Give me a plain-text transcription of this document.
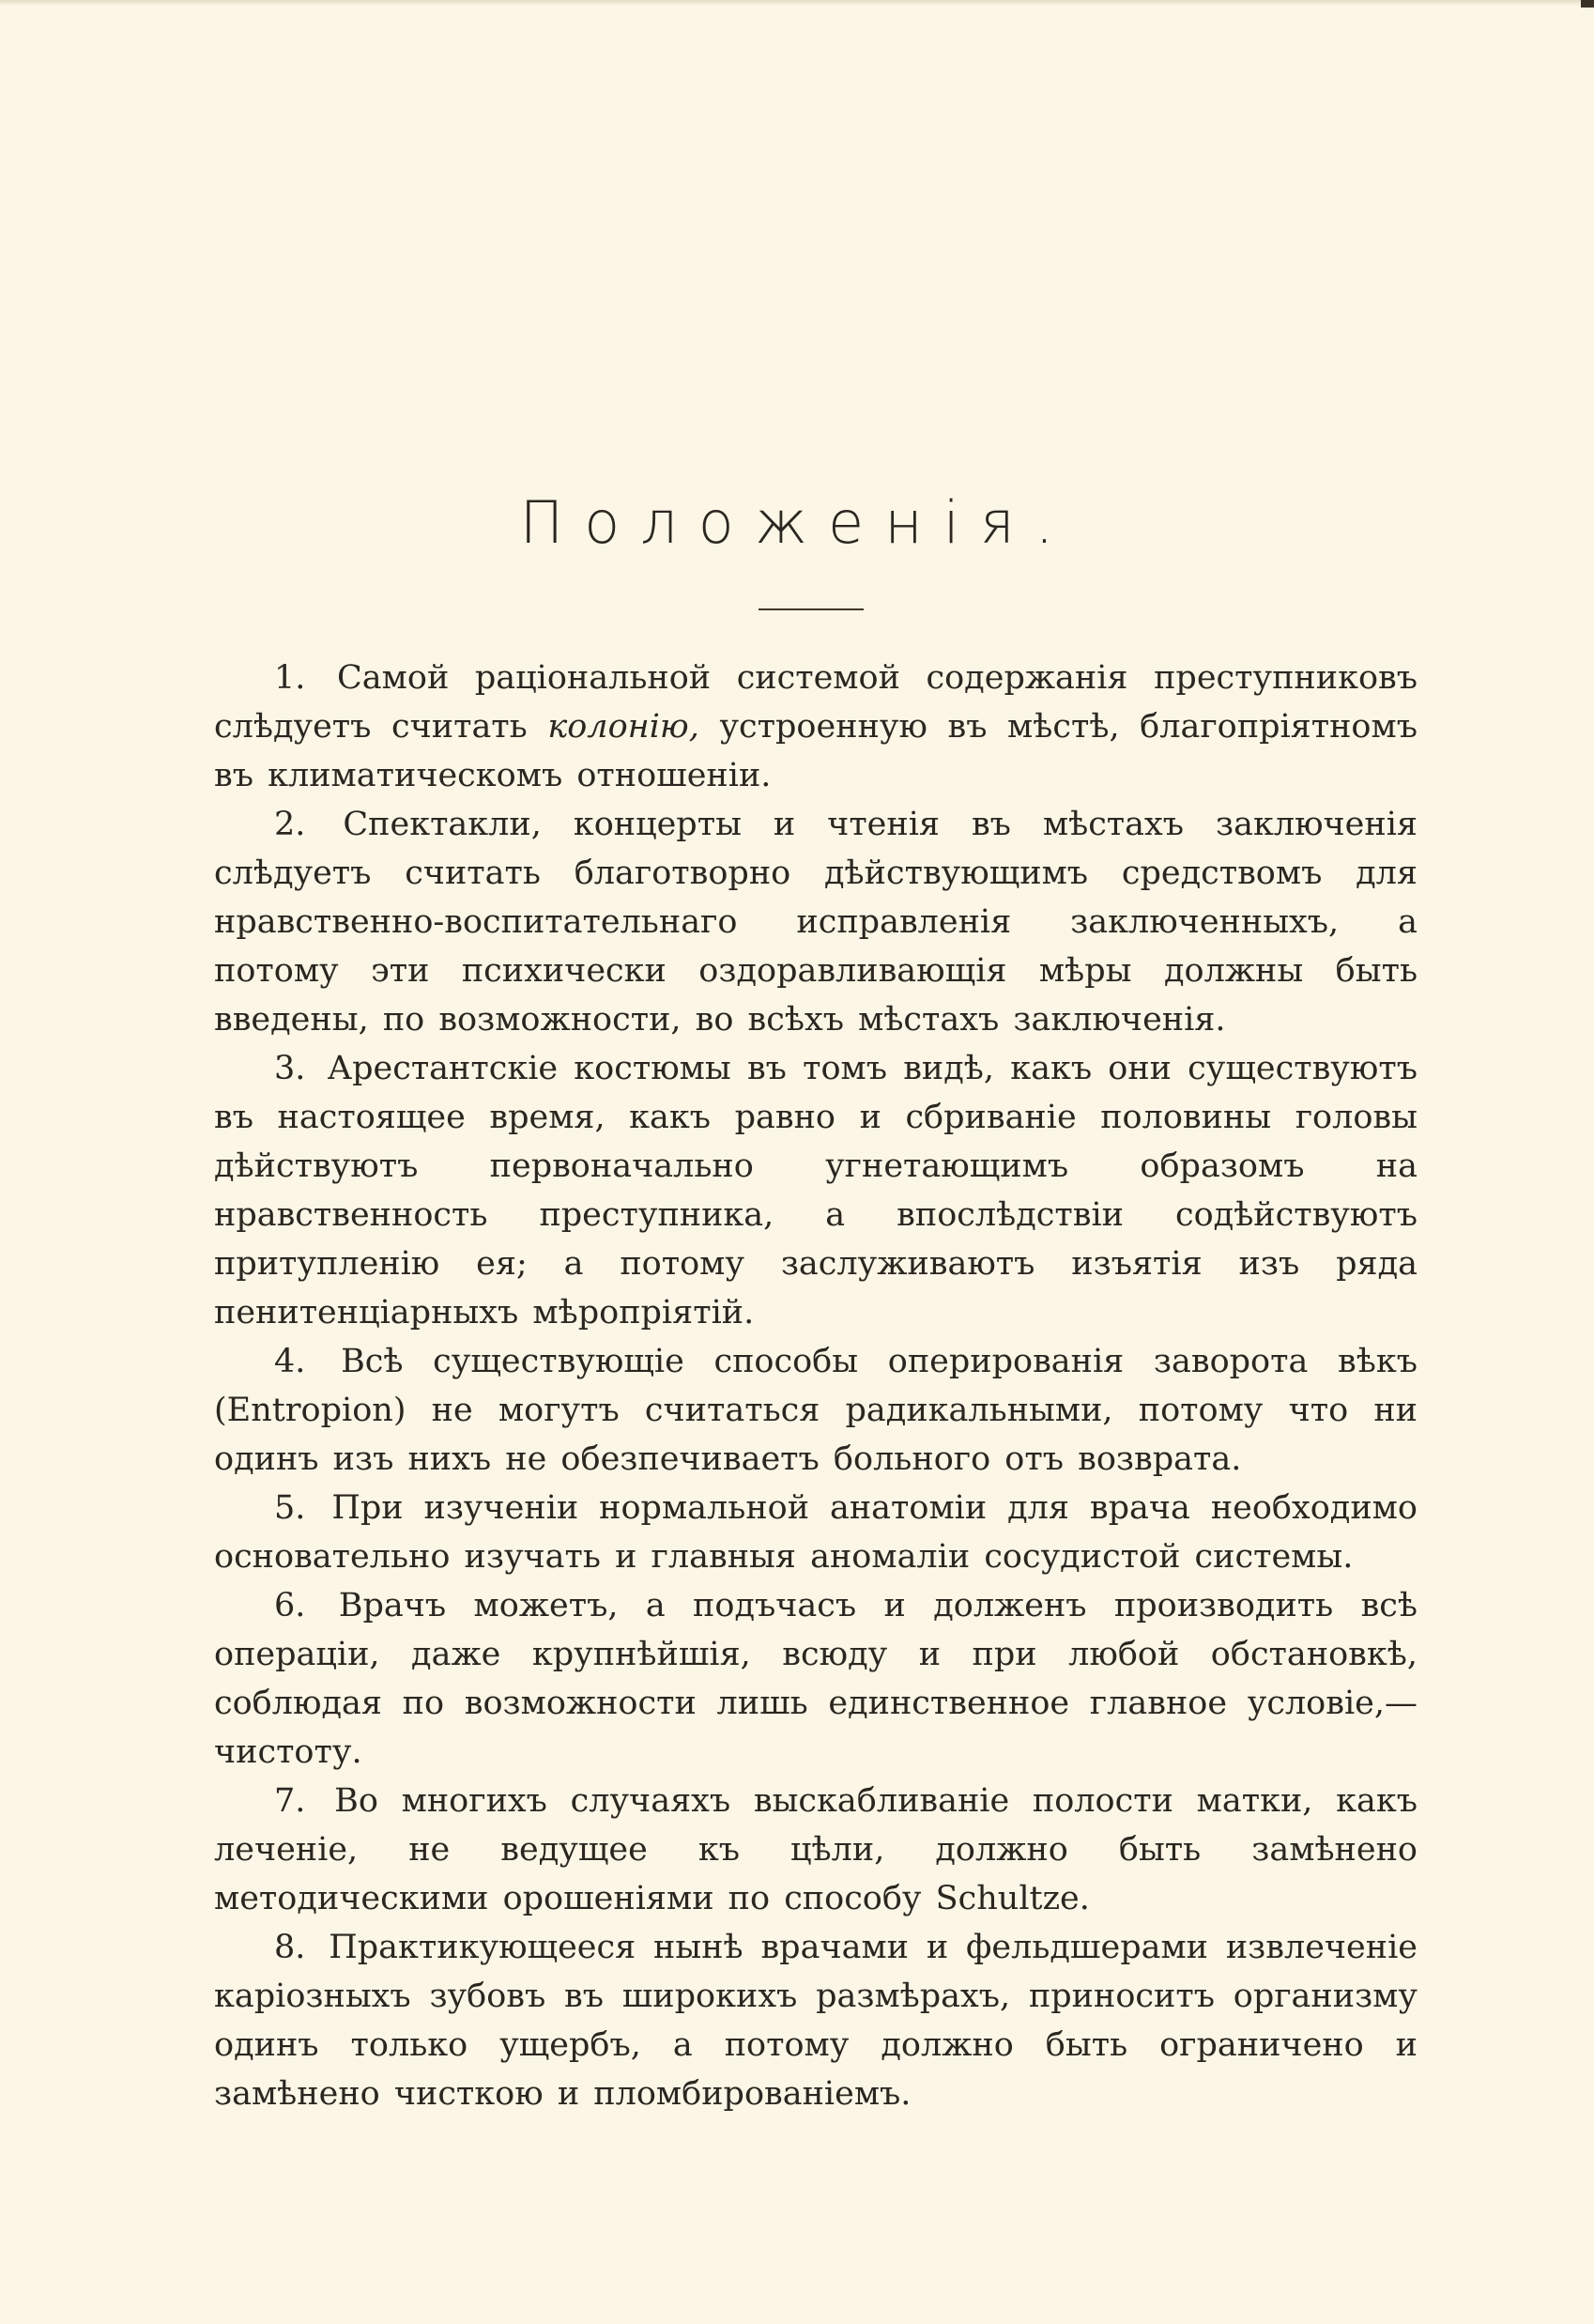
Положенія.

1. Самой раціональной системой содержанія преступниковъ слѣдуетъ считать колонію, устроенную въ мѣстѣ, благопріятномъ въ климатическомъ отношеніи.

2. Спектакли, концерты и чтенія въ мѣстахъ заключенія слѣдуетъ считать благотворно дѣйствующимъ средствомъ для нравственно-воспитательнаго исправленія заключенныхъ, а потому эти психически оздоравливающія мѣры должны быть введены, по возможности, во всѣхъ мѣстахъ заключенія.

3. Арестантскіе костюмы въ томъ видѣ, какъ они существуютъ въ настоящее время, какъ равно и сбриваніе половины головы дѣйствуютъ первоначально угнетающимъ образомъ на нравственность преступника, а впослѣдствіи содѣйствуютъ притупленію ея; а потому заслуживаютъ изъятія изъ ряда пенитенціарныхъ мѣропріятій.

4. Всѣ существующіе способы оперированія заворота вѣкъ (Entropion) не могутъ считаться радикальными, потому что ни одинъ изъ нихъ не обезпечиваетъ больного отъ возврата.

5. При изученіи нормальной анатоміи для врача необходимо основательно изучать и главныя аномаліи сосудистой системы.

6. Врачъ можетъ, а подъчасъ и долженъ производить всѣ операціи, даже крупнѣйшія, всюду и при любой обстановкѣ, соблюдая по возможности лишь единственное главное условіе,— чистоту.

7. Во многихъ случаяхъ выскабливаніе полости матки, какъ леченіе, не ведущее къ цѣли, должно быть замѣнено методическими орошеніями по способу Schultze.

8. Практикующееся нынѣ врачами и фельдшерами извлеченіе каріозныхъ зубовъ въ широкихъ размѣрахъ, приноситъ организму одинъ только ущербъ, а потому должно быть ограничено и замѣнено чисткою и пломбированіемъ.
